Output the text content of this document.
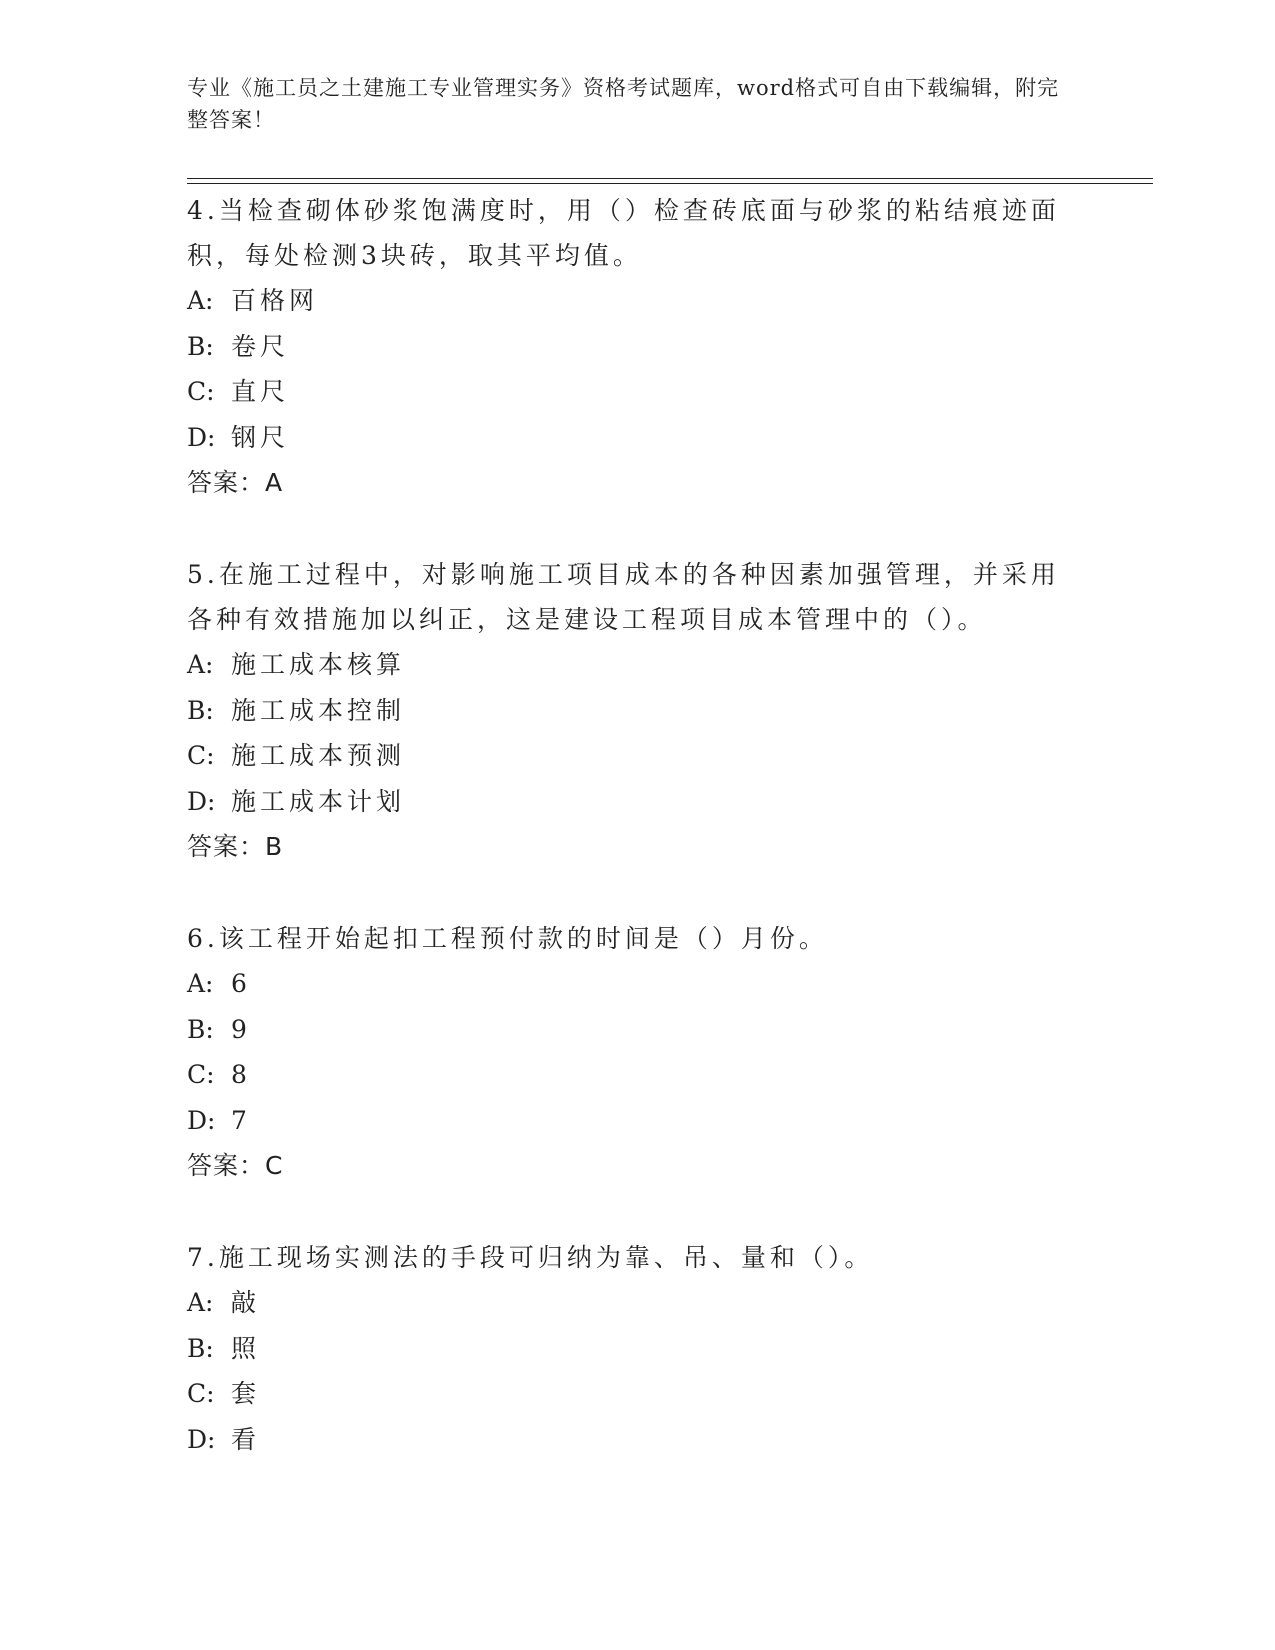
专业《施工员之土建施工专业管理实务》资格考试题库，word格式可自由下载编辑，附完整答案！

4.当检查砌体砂浆饱满度时，用（）检查砖底面与砂浆的粘结痕迹面积，每处检测3块砖，取其平均值。

A: 百格网
B: 卷尺
C: 直尺
D: 钢尺
答案：A

5.在施工过程中，对影响施工项目成本的各种因素加强管理，并采用各种有效措施加以纠正，这是建设工程项目成本管理中的（）。

A: 施工成本核算
B: 施工成本控制
C: 施工成本预测
D: 施工成本计划
答案：B

6.该工程开始起扣工程预付款的时间是（）月份。

A: 6
B: 9
C: 8
D: 7
答案：C

7.施工现场实测法的手段可归纳为靠、吊、量和（）。

A: 敲
B: 照
C: 套
D: 看
